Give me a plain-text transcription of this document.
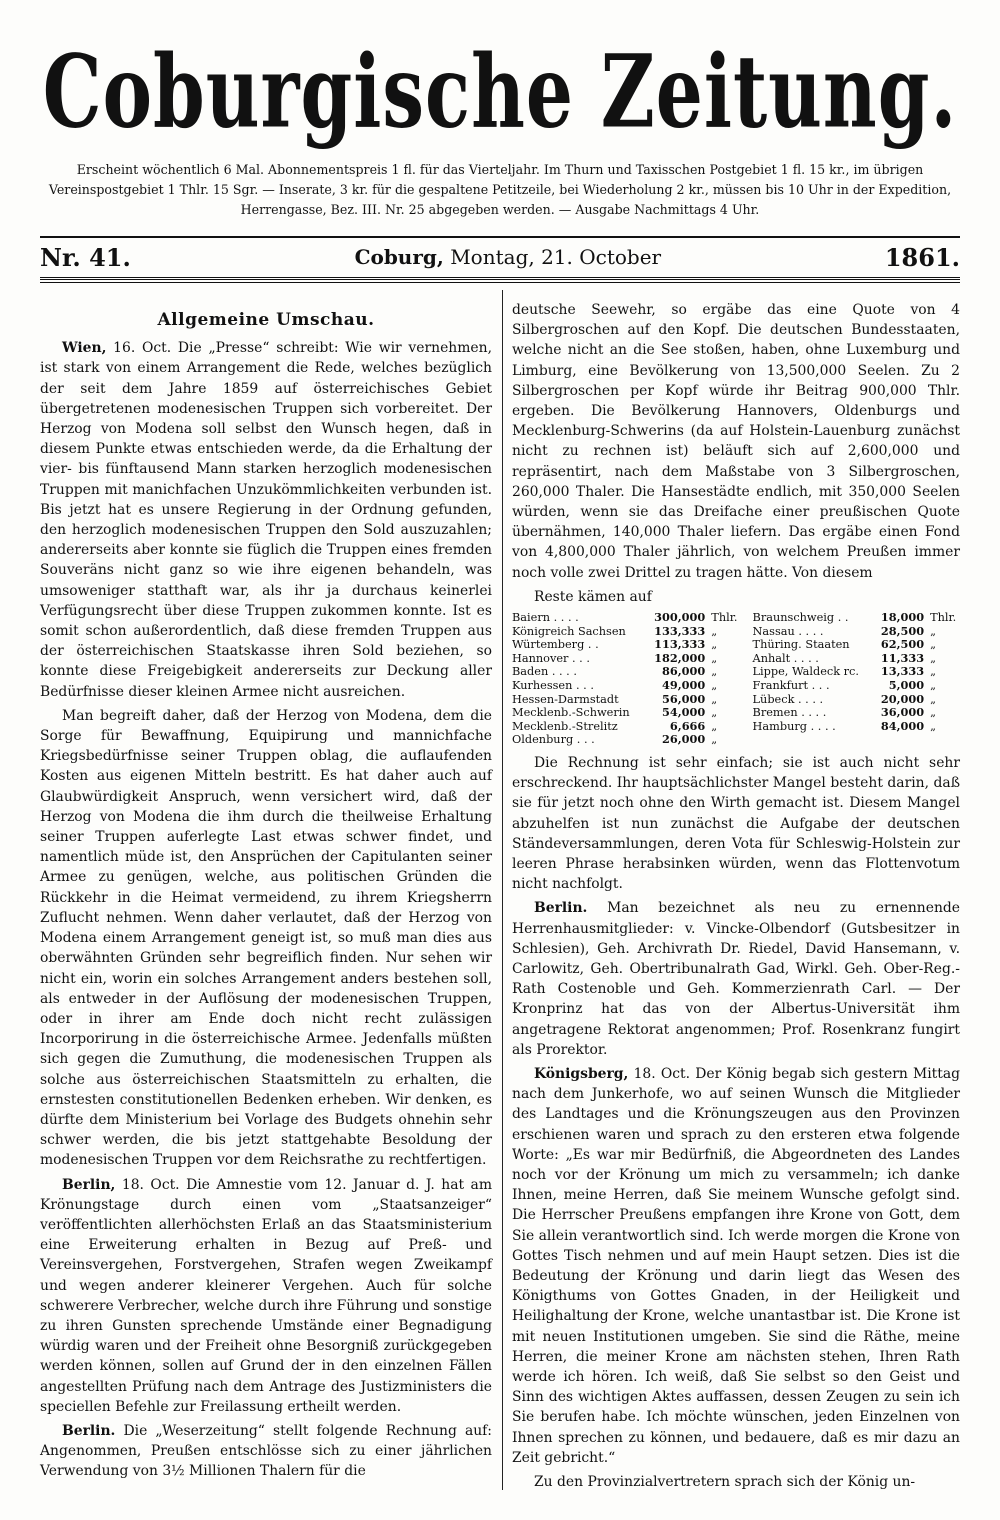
Coburgische Zeitung.
Erscheint wöchentlich 6 Mal. Abonnementspreis 1 fl. für das Vierteljahr. Im Thurn und Taxisschen Postgebiet 1 fl. 15 kr., im übrigen Vereinspostgebiet 1 Thlr. 15 Sgr. — Inserate, 3 kr. für die gespaltene Petitzeile, bei Wiederholung 2 kr., müssen bis 10 Uhr in der Expedition, Herrengasse, Bez. III. Nr. 25 abgegeben werden. — Ausgabe Nachmittags 4 Uhr.
Nr. 41.	Coburg, Montag, 21. October	1861.
Allgemeine Umschau.

Wien, 16. Oct. Die „Presse“ schreibt: Wie wir vernehmen, ist stark von einem Arrangement die Rede, welches bezüglich der seit dem Jahre 1859 auf österreichisches Gebiet übergetretenen modenesischen Truppen sich vorbereitet. Der Herzog von Modena soll selbst den Wunsch hegen, daß in diesem Punkte etwas entschieden werde, da die Erhaltung der vier- bis fünftausend Mann starken herzoglich modenesischen Truppen mit manichfachen Unzukömmlichkeiten verbunden ist. Bis jetzt hat es unsere Regierung in der Ordnung gefunden, den herzoglich modenesischen Truppen den Sold auszuzahlen; andererseits aber konnte sie füglich die Truppen eines fremden Souveräns nicht ganz so wie ihre eigenen behandeln, was umsoweniger statthaft war, als ihr ja durchaus keinerlei Verfügungsrecht über diese Truppen zukommen konnte. Ist es somit schon außerordentlich, daß diese fremden Truppen aus der österreichischen Staatskasse ihren Sold beziehen, so konnte diese Freigebigkeit andererseits zur Deckung aller Bedürfnisse dieser kleinen Armee nicht ausreichen.

Man begreift daher, daß der Herzog von Modena, dem die Sorge für Bewaffnung, Equipirung und mannichfache Kriegsbedürfnisse seiner Truppen oblag, die auflaufenden Kosten aus eigenen Mitteln bestritt. Es hat daher auch auf Glaubwürdigkeit Anspruch, wenn versichert wird, daß der Herzog von Modena die ihm durch die theilweise Erhaltung seiner Truppen auferlegte Last etwas schwer findet, und namentlich müde ist, den Ansprüchen der Capitulanten seiner Armee zu genügen, welche, aus politischen Gründen die Rückkehr in die Heimat vermeidend, zu ihrem Kriegsherrn Zuflucht nehmen. Wenn daher verlautet, daß der Herzog von Modena einem Arrangement geneigt ist, so muß man dies aus oberwähnten Gründen sehr begreiflich finden. Nur sehen wir nicht ein, worin ein solches Arrangement anders bestehen soll, als entweder in der Auflösung der modenesischen Truppen, oder in ihrer am Ende doch nicht recht zulässigen Incorporirung in die österreichische Armee. Jedenfalls müßten sich gegen die Zumuthung, die modenesischen Truppen als solche aus österreichischen Staatsmitteln zu erhalten, die ernstesten constitutionellen Bedenken erheben. Wir denken, es dürfte dem Ministerium bei Vorlage des Budgets ohnehin sehr schwer werden, die bis jetzt stattgehabte Besoldung der modenesischen Truppen vor dem Reichsrathe zu rechtfertigen.

Berlin, 18. Oct. Die Amnestie vom 12. Januar d. J. hat am Krönungstage durch einen vom „Staatsanzeiger“ veröffentlichten allerhöchsten Erlaß an das Staatsministerium eine Erweiterung erhalten in Bezug auf Preß- und Vereinsvergehen, Forstvergehen, Strafen wegen Zweikampf und wegen anderer kleinerer Vergehen. Auch für solche schwerere Verbrecher, welche durch ihre Führung und sonstige zu ihren Gunsten sprechende Umstände einer Begnadigung würdig waren und der Freiheit ohne Besorgniß zurückgegeben werden können, sollen auf Grund der in den einzelnen Fällen angestellten Prüfung nach dem Antrage des Justizministers die speciellen Befehle zur Freilassung ertheilt werden.

Berlin. Die „Weserzeitung“ stellt folgende Rechnung auf: Angenommen, Preußen entschlösse sich zu einer jährlichen Verwendung von 3½ Millionen Thalern für die

deutsche Seewehr, so ergäbe das eine Quote von 4 Silbergroschen auf den Kopf. Die deutschen Bundesstaaten, welche nicht an die See stoßen, haben, ohne Luxemburg und Limburg, eine Bevölkerung von 13,500,000 Seelen. Zu 2 Silbergroschen per Kopf würde ihr Beitrag 900,000 Thlr. ergeben. Die Bevölkerung Hannovers, Oldenburgs und Mecklenburg-Schwerins (da auf Holstein-Lauenburg zunächst nicht zu rechnen ist) beläuft sich auf 2,600,000 und repräsentirt, nach dem Maßstabe von 3 Silbergroschen, 260,000 Thaler. Die Hansestädte endlich, mit 350,000 Seelen würden, wenn sie das Dreifache einer preußischen Quote übernähmen, 140,000 Thaler liefern. Das ergäbe einen Fond von 4,800,000 Thaler jährlich, von welchem Preußen immer noch volle zwei Drittel zu tragen hätte. Von diesem

Reste kämen auf

Baiern . . . .	300,000	Thlr.	Braunschweig . .	18,000	Thlr.
Königreich Sachsen	133,333	„	Nassau . . . .	28,500	„
Würtemberg . .	113,333	„	Thüring. Staaten	62,500	„
Hannover . . .	182,000	„	Anhalt . . . .	11,333	„
Baden . . . .	86,000	„	Lippe, Waldeck rc.	13,333	„
Kurhessen . . .	49,000	„	Frankfurt . . .	5,000	„
Hessen-Darmstadt	56,000	„	Lübeck . . . .	20,000	„
Mecklenb.-Schwerin	54,000	„	Bremen . . . .	36,000	„
Mecklenb.-Strelitz	6,666	„	Hamburg . . . .	84,000	„
Oldenburg . . .	26,000	„			

Die Rechnung ist sehr einfach; sie ist auch nicht sehr erschreckend. Ihr hauptsächlichster Mangel besteht darin, daß sie für jetzt noch ohne den Wirth gemacht ist. Diesem Mangel abzuhelfen ist nun zunächst die Aufgabe der deutschen Ständeversammlungen, deren Vota für Schleswig-Holstein zur leeren Phrase herabsinken würden, wenn das Flottenvotum nicht nachfolgt.

Berlin. Man bezeichnet als neu zu ernennende Herrenhausmitglieder: v. Vincke-Olbendorf (Gutsbesitzer in Schlesien), Geh. Archivrath Dr. Riedel, David Hansemann, v. Carlowitz, Geh. Obertribunalrath Gad, Wirkl. Geh. Ober-Reg.-Rath Costenoble und Geh. Kommerzienrath Carl. — Der Kronprinz hat das von der Albertus-Universität ihm angetragene Rektorat angenommen; Prof. Rosenkranz fungirt als Prorektor.

Königsberg, 18. Oct. Der König begab sich gestern Mittag nach dem Junkerhofe, wo auf seinen Wunsch die Mitglieder des Landtages und die Krönungszeugen aus den Provinzen erschienen waren und sprach zu den ersteren etwa folgende Worte: „Es war mir Bedürfniß, die Abgeordneten des Landes noch vor der Krönung um mich zu versammeln; ich danke Ihnen, meine Herren, daß Sie meinem Wunsche gefolgt sind. Die Herrscher Preußens empfangen ihre Krone von Gott, dem Sie allein verantwortlich sind. Ich werde morgen die Krone von Gottes Tisch nehmen und auf mein Haupt setzen. Dies ist die Bedeutung der Krönung und darin liegt das Wesen des Königthums von Gottes Gnaden, in der Heiligkeit und Heilighaltung der Krone, welche unantastbar ist. Die Krone ist mit neuen Institutionen umgeben. Sie sind die Räthe, meine Herren, die meiner Krone am nächsten stehen, Ihren Rath werde ich hören. Ich weiß, daß Sie selbst so den Geist und Sinn des wichtigen Aktes auffassen, dessen Zeugen zu sein ich Sie berufen habe. Ich möchte wünschen, jeden Einzelnen von Ihnen sprechen zu können, und bedauere, daß es mir dazu an Zeit gebricht.“

Zu den Provinzialvertretern sprach sich der König un-
